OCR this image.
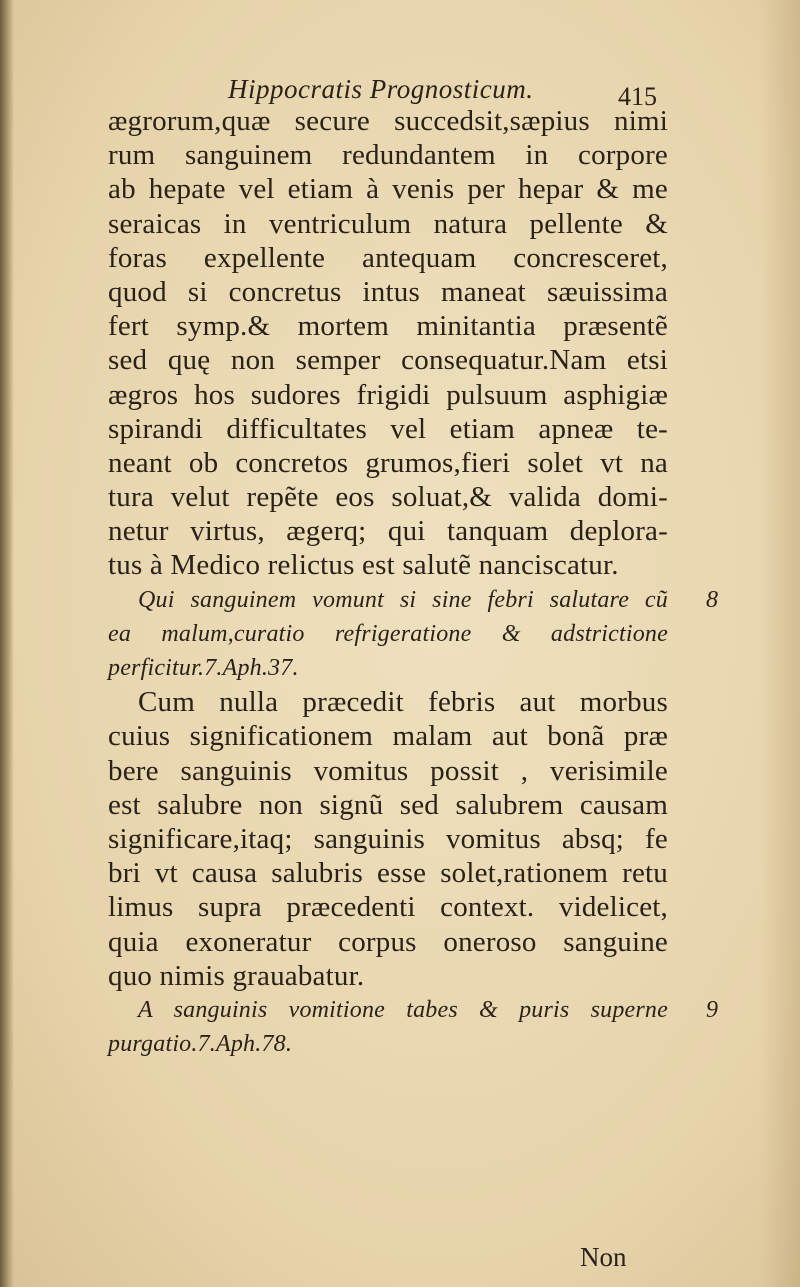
Hippocratis Prognosticum.	415
ægrorum,quæ secure succedsit,sæpius nimi
rum sanguinem redundantem in corpore
ab hepate vel etiam à venis per hepar & me
seraicas in ventriculum natura pellente &
foras expellente antequam concresceret,
quod si concretus intus maneat sæuissima
fert symp.& mortem minitantia præsentẽ
sed quę non semper consequatur.Nam etsi
ægros hos sudores frigidi pulsuum asphigiæ
spirandi difficultates vel etiam apneæ te-
neant ob concretos grumos,fieri solet vt na
tura velut repẽte eos soluat,& valida domi-
netur virtus, ægerq; qui tanquam deplora-
tus à Medico relictus est salutẽ nanciscatur.
Qui sanguinem vomunt si sine febri salutare cũ
ea malum,curatio refrigeratione & adstrictione
perficitur.7.Aph.37.
Cum nulla præcedit febris aut morbus
cuius significationem malam aut bonã præ
bere sanguinis vomitus possit , verisimile
est salubre non signũ sed salubrem causam
significare,itaq; sanguinis vomitus absq; fe
bri vt causa salubris esse solet,rationem retu
limus supra præcedenti context. videlicet,
quia exoneratur corpus oneroso sanguine
quo nimis grauabatur.
A sanguinis vomitione tabes & puris superne
purgatio.7.Aph.78.
8
9
Non
